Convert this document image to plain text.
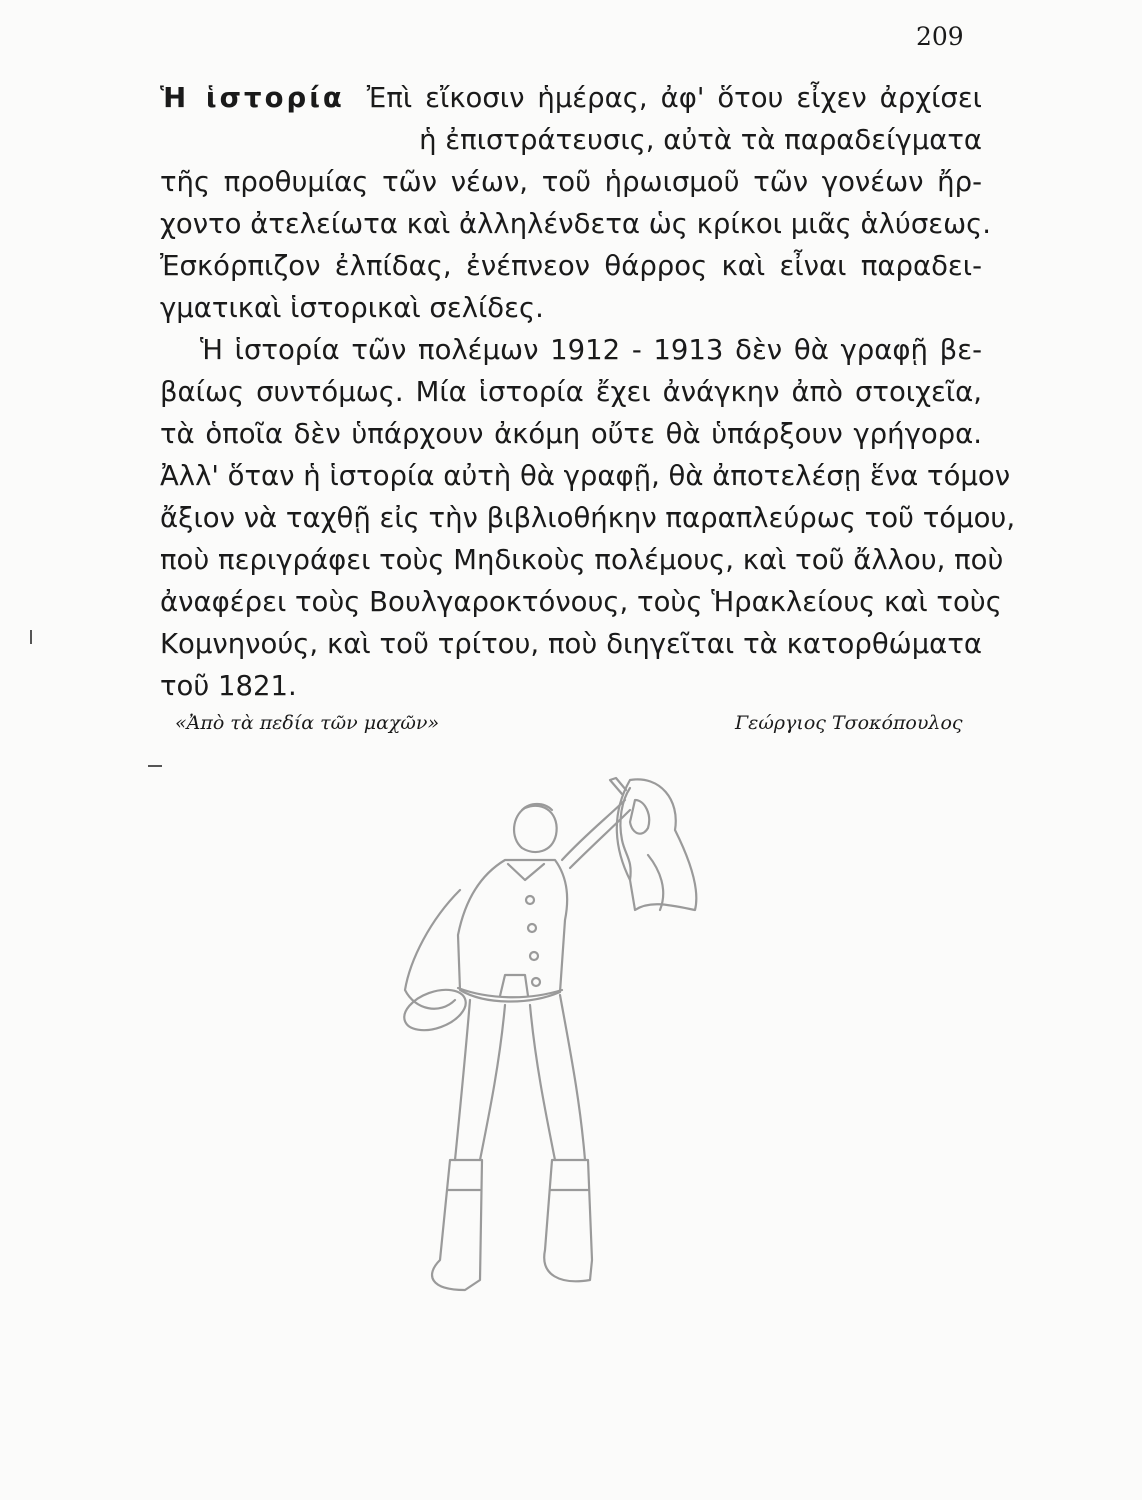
209
Ἡ ἱστορία Ἐπὶ εἴκοσιν ἡμέρας, ἀφ' ὅτου εἶχεν ἀρχίσει
ἡ ἐπιστράτευσις, αὐτὰ τὰ παραδείγματα
τῆς προθυμίας τῶν νέων, τοῦ ἡρωισμοῦ τῶν γονέων ἤρ-
χοντο ἀτελείωτα καὶ ἀλληλένδετα ὡς κρίκοι μιᾶς ἁλύσεως.
Ἐσκόρπιζον ἐλπίδας, ἐνέπνεον θάρρος καὶ εἶναι παραδει-
γματικαὶ ἱστορικαὶ σελίδες.
Ἡ ἱστορία τῶν πολέμων 1912 - 1913 δὲν θὰ γραφῇ βε-
βαίως συντόμως. Μία ἱστορία ἔχει ἀνάγκην ἀπὸ στοιχεῖα,
τὰ ὁποῖα δὲν ὑπάρχουν ἀκόμη οὔτε θὰ ὑπάρξουν γρήγορα.
Ἀλλ' ὅταν ἡ ἱστορία αὐτὴ θὰ γραφῇ, θὰ ἀποτελέσῃ ἕνα τόμον
ἄξιον νὰ ταχθῇ εἰς τὴν βιβλιοθήκην παραπλεύρως τοῦ τόμου,
ποὺ περιγράφει τοὺς Μηδικοὺς πολέμους, καὶ τοῦ ἄλλου, ποὺ
ἀναφέρει τοὺς Βουλγαροκτόνους, τοὺς Ἡρακλείους καὶ τοὺς
Κομνηνούς, καὶ τοῦ τρίτου, ποὺ διηγεῖται τὰ κατορθώματα
τοῦ 1821.
«Ἀπὸ τὰ πεδία τῶν μαχῶν»	Γεώργιος Τσοκόπουλος
